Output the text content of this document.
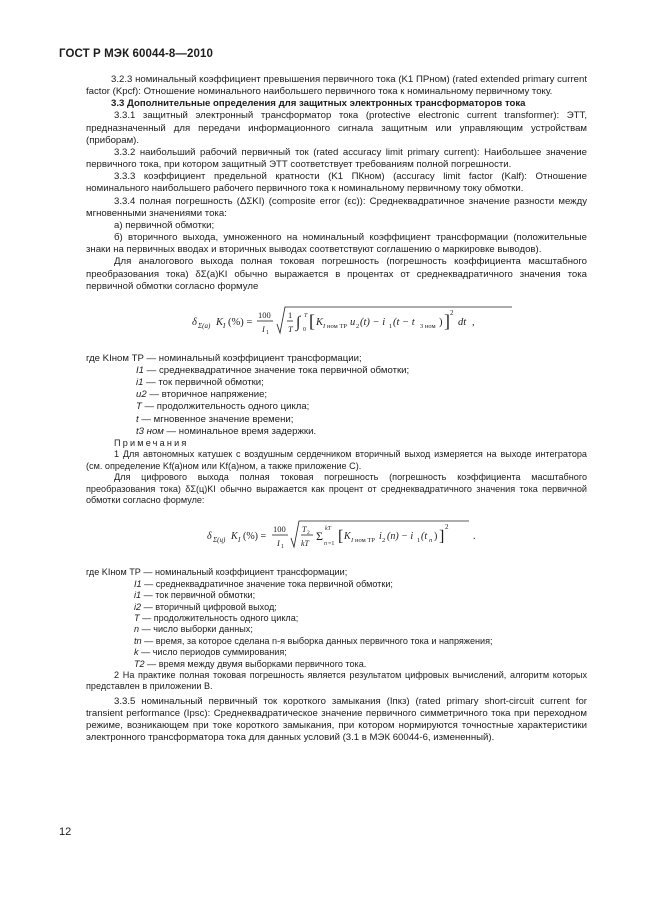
ГОСТ Р МЭК 60044-8—2010

3.2.3 номинальный коэффициент превышения первичного тока (K1 ПРном) (rated extended primary current factor (Kpcf): Отношение номинального наибольшего первичного тока к номинальному первичному току.

3.3 Дополнительные определения для защитных электронных трансформаторов тока

3.3.1 защитный электронный трансформатор тока (protective electronic current transformer): ЭТТ, предназначенный для передачи информационного сигнала защитным или управляющим устройствам (приборам).

3.3.2 наибольший рабочий первичный ток (rated accuracy limit primary current): Наибольшее значение первичного тока, при котором защитный ЭТТ соответствует требованиям полной погрешности.

3.3.3 коэффициент предельной кратности (K1 ПКном) (accuracy limit factor (Kalf): Отношение номинального наибольшего рабочего первичного тока к номинальному первичному току обмотки.

3.3.4 полная погрешность (ΔΣKI) (composite error (εc)): Среднеквадратичное значение разности между мгновенными значениями тока:

а) первичной обмотки;

б) вторичного выхода, умноженного на номинальный коэффициент трансформации (положительные знаки на первичных вводах и вторичных выводах соответствуют соглашению о маркировке выводов).

Для аналогового выхода полная токовая погрешность (погрешность коэффициента масштабного преобразования тока) δΣ(a)KI обычно выражается в процентах от среднеквадратичного значения тока первичной обмотки согласно формуле

δ Σ(a) K I (%) =
100
I 1
1
T ∫ T
0 [ K I ном ТР u 2 (t) − i 1 (t − t 3 ном ) ] 2
dt ,

где KIном ТР — номинальный коэффициент трансформации;

I1 — среднеквадратичное значение тока первичной обмотки;
i1 — ток первичной обмотки;
u2 — вторичное напряжение;
T — продолжительность одного цикла;
t — мгновенное значение времени;
t3 ном — номинальное время задержки.

Примечания

1 Для автономных катушек с воздушным сердечником вторичный выход измеряется на выходе интегратора (см. определение Kf(a)ном или Kf(a)ном, а также приложение С).

Для цифрового выхода полная токовая погрешность (погрешность коэффициента масштабного преобразования тока) δΣ(ц)KI обычно выражается как процент от среднеквадратичного значения тока первичной обмотки согласно формуле:

δ Σ(ц) K I (%) =
100
I 1
T 2
kT
Σ kT
n =1 [ K I ном ТР i 2 (n) − i 1 (t n ) ]
2
.

где KIном ТР — номинальный коэффициент трансформации;

I1 — среднеквадратичное значение тока первичной обмотки;
i1 — ток первичной обмотки;
i2 — вторичный цифровой выход;
T — продолжительность одного цикла;
n — число выборки данных;
tn — время, за которое сделана n-я выборка данных первичного тока и напряжения;
k — число периодов суммирования;
T2 — время между двумя выборками первичного тока.

2 На практике полная токовая погрешность является результатом цифровых вычислений, алгоритм которых представлен в приложении В.

3.3.5 номинальный первичный ток короткого замыкания (Iпкз) (rated primary short-circuit current for transient performance (Ipsc): Среднеквадратическое значение первичного симметричного тока при переходном режиме, возникающем при токе короткого замыкания, при котором нормируются точностные характеристики электронного трансформатора тока для данных условий (3.1 в МЭК 60044-6, измененный).

12
